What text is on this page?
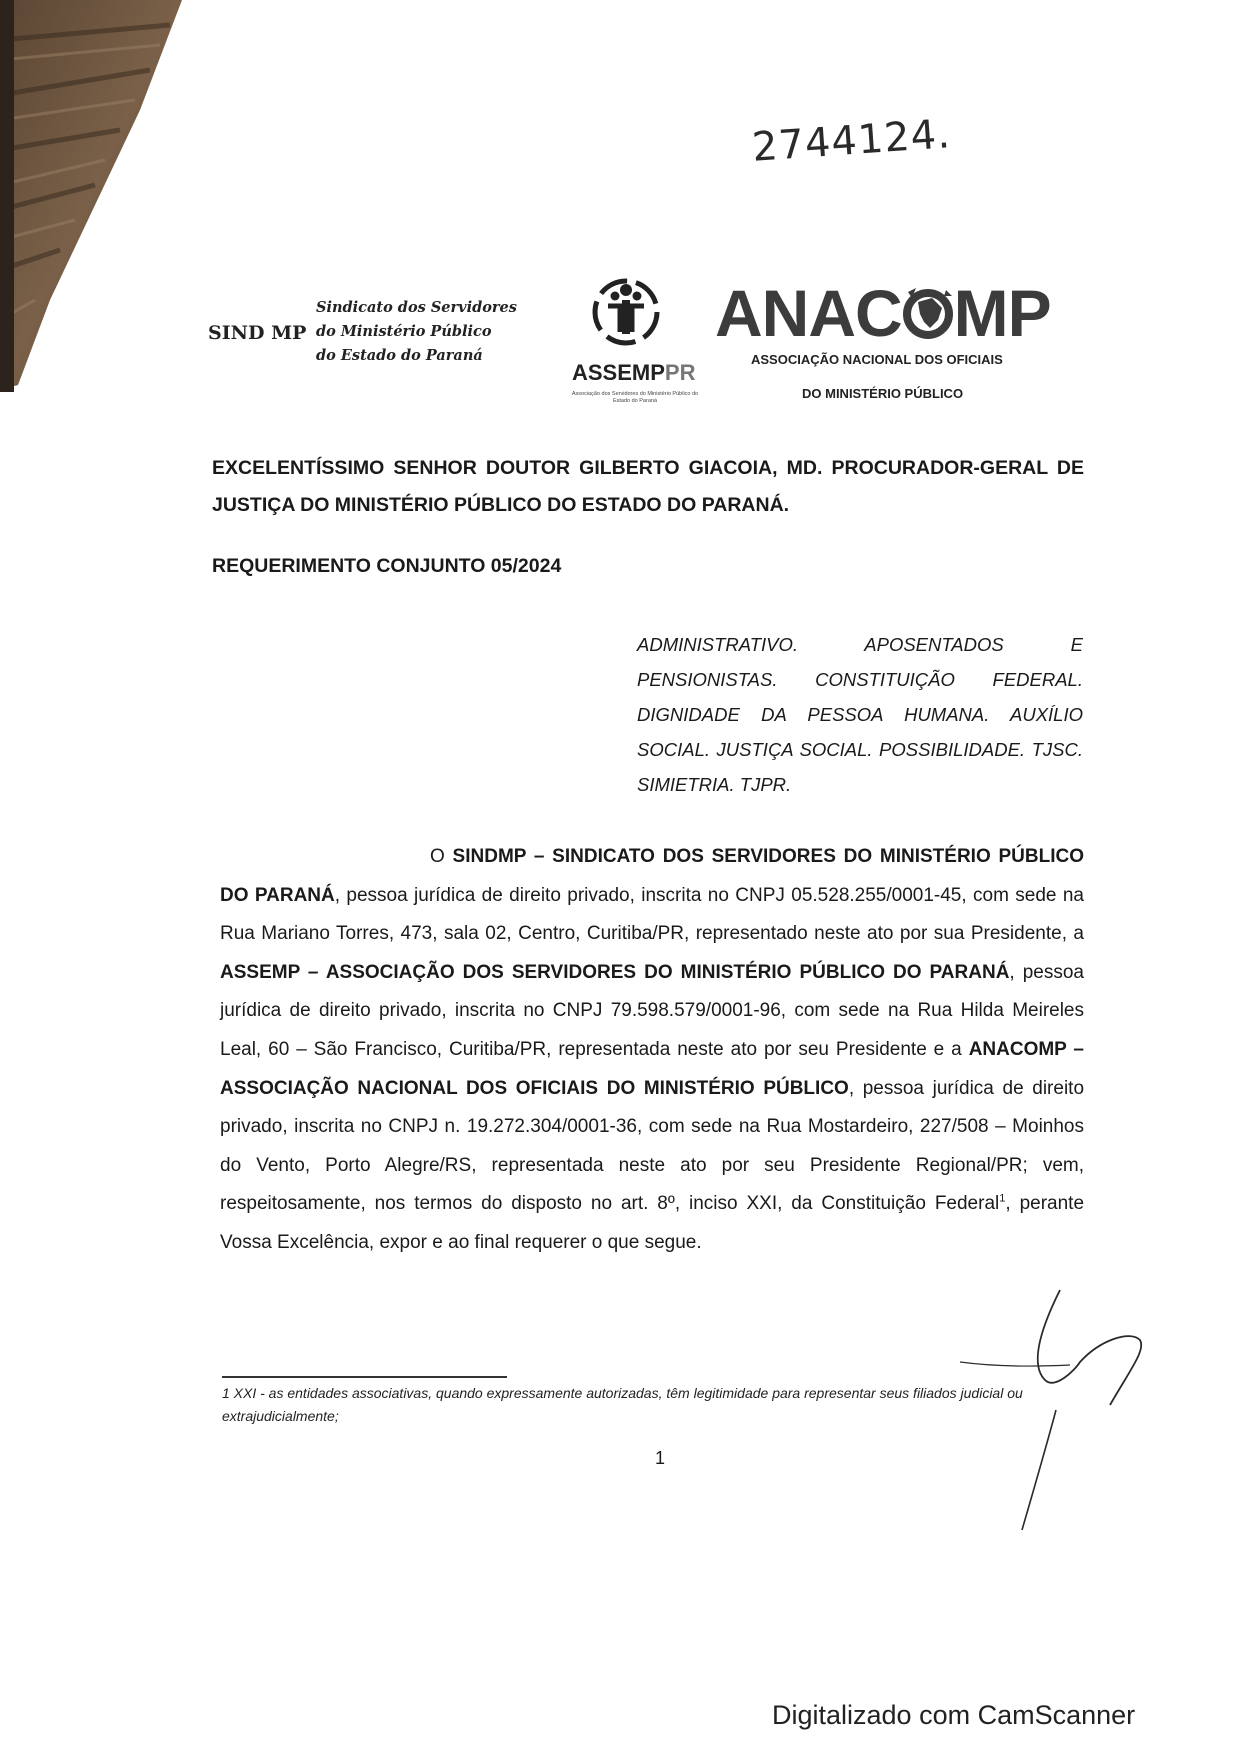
2744124.
SIND MP
Sindicato dos Servidores
do Ministério Público
do Estado do Paraná
ASSEMPPR
Associação dos Servidores do Ministério Público do Estado do Paraná
ANAC MP
ASSOCIAÇÃO NACIONAL DOS OFICIAIS
DO MINISTÉRIO PÚBLICO

EXCELENTÍSSIMO SENHOR DOUTOR GILBERTO GIACOIA, MD. PROCURADOR-GERAL DE JUSTIÇA DO MINISTÉRIO PÚBLICO DO ESTADO DO PARANÁ.

REQUERIMENTO CONJUNTO 05/2024

ADMINISTRATIVO. APOSENTADOS E PENSIONISTAS. CONSTITUIÇÃO FEDERAL. DIGNIDADE DA PESSOA HUMANA. AUXÍLIO SOCIAL. JUSTIÇA SOCIAL. POSSIBILIDADE. TJSC. SIMIETRIA. TJPR.

O SINDMP – SINDICATO DOS SERVIDORES DO MINISTÉRIO PÚBLICO DO PARANÁ, pessoa jurídica de direito privado, inscrita no CNPJ 05.528.255/0001-45, com sede na Rua Mariano Torres, 473, sala 02, Centro, Curitiba/PR, representado neste ato por sua Presidente, a ASSEMP – ASSOCIAÇÃO DOS SERVIDORES DO MINISTÉRIO PÚBLICO DO PARANÁ, pessoa jurídica de direito privado, inscrita no CNPJ 79.598.579/0001-96, com sede na Rua Hilda Meireles Leal, 60 – São Francisco, Curitiba/PR, representada neste ato por seu Presidente e a ANACOMP – ASSOCIAÇÃO NACIONAL DOS OFICIAIS DO MINISTÉRIO PÚBLICO, pessoa jurídica de direito privado, inscrita no CNPJ n. 19.272.304/0001-36, com sede na Rua Mostardeiro, 227/508 – Moinhos do Vento, Porto Alegre/RS, representada neste ato por seu Presidente Regional/PR; vem, respeitosamente, nos termos do disposto no art. 8º, inciso XXI, da Constituição Federal$^1$, perante Vossa Excelência, expor e ao final requerer o que segue.

1 XXI - as entidades associativas, quando expressamente autorizadas, têm legitimidade para representar seus filiados judicial ou extrajudicialmente;

1
Digitalizado com CamScanner
